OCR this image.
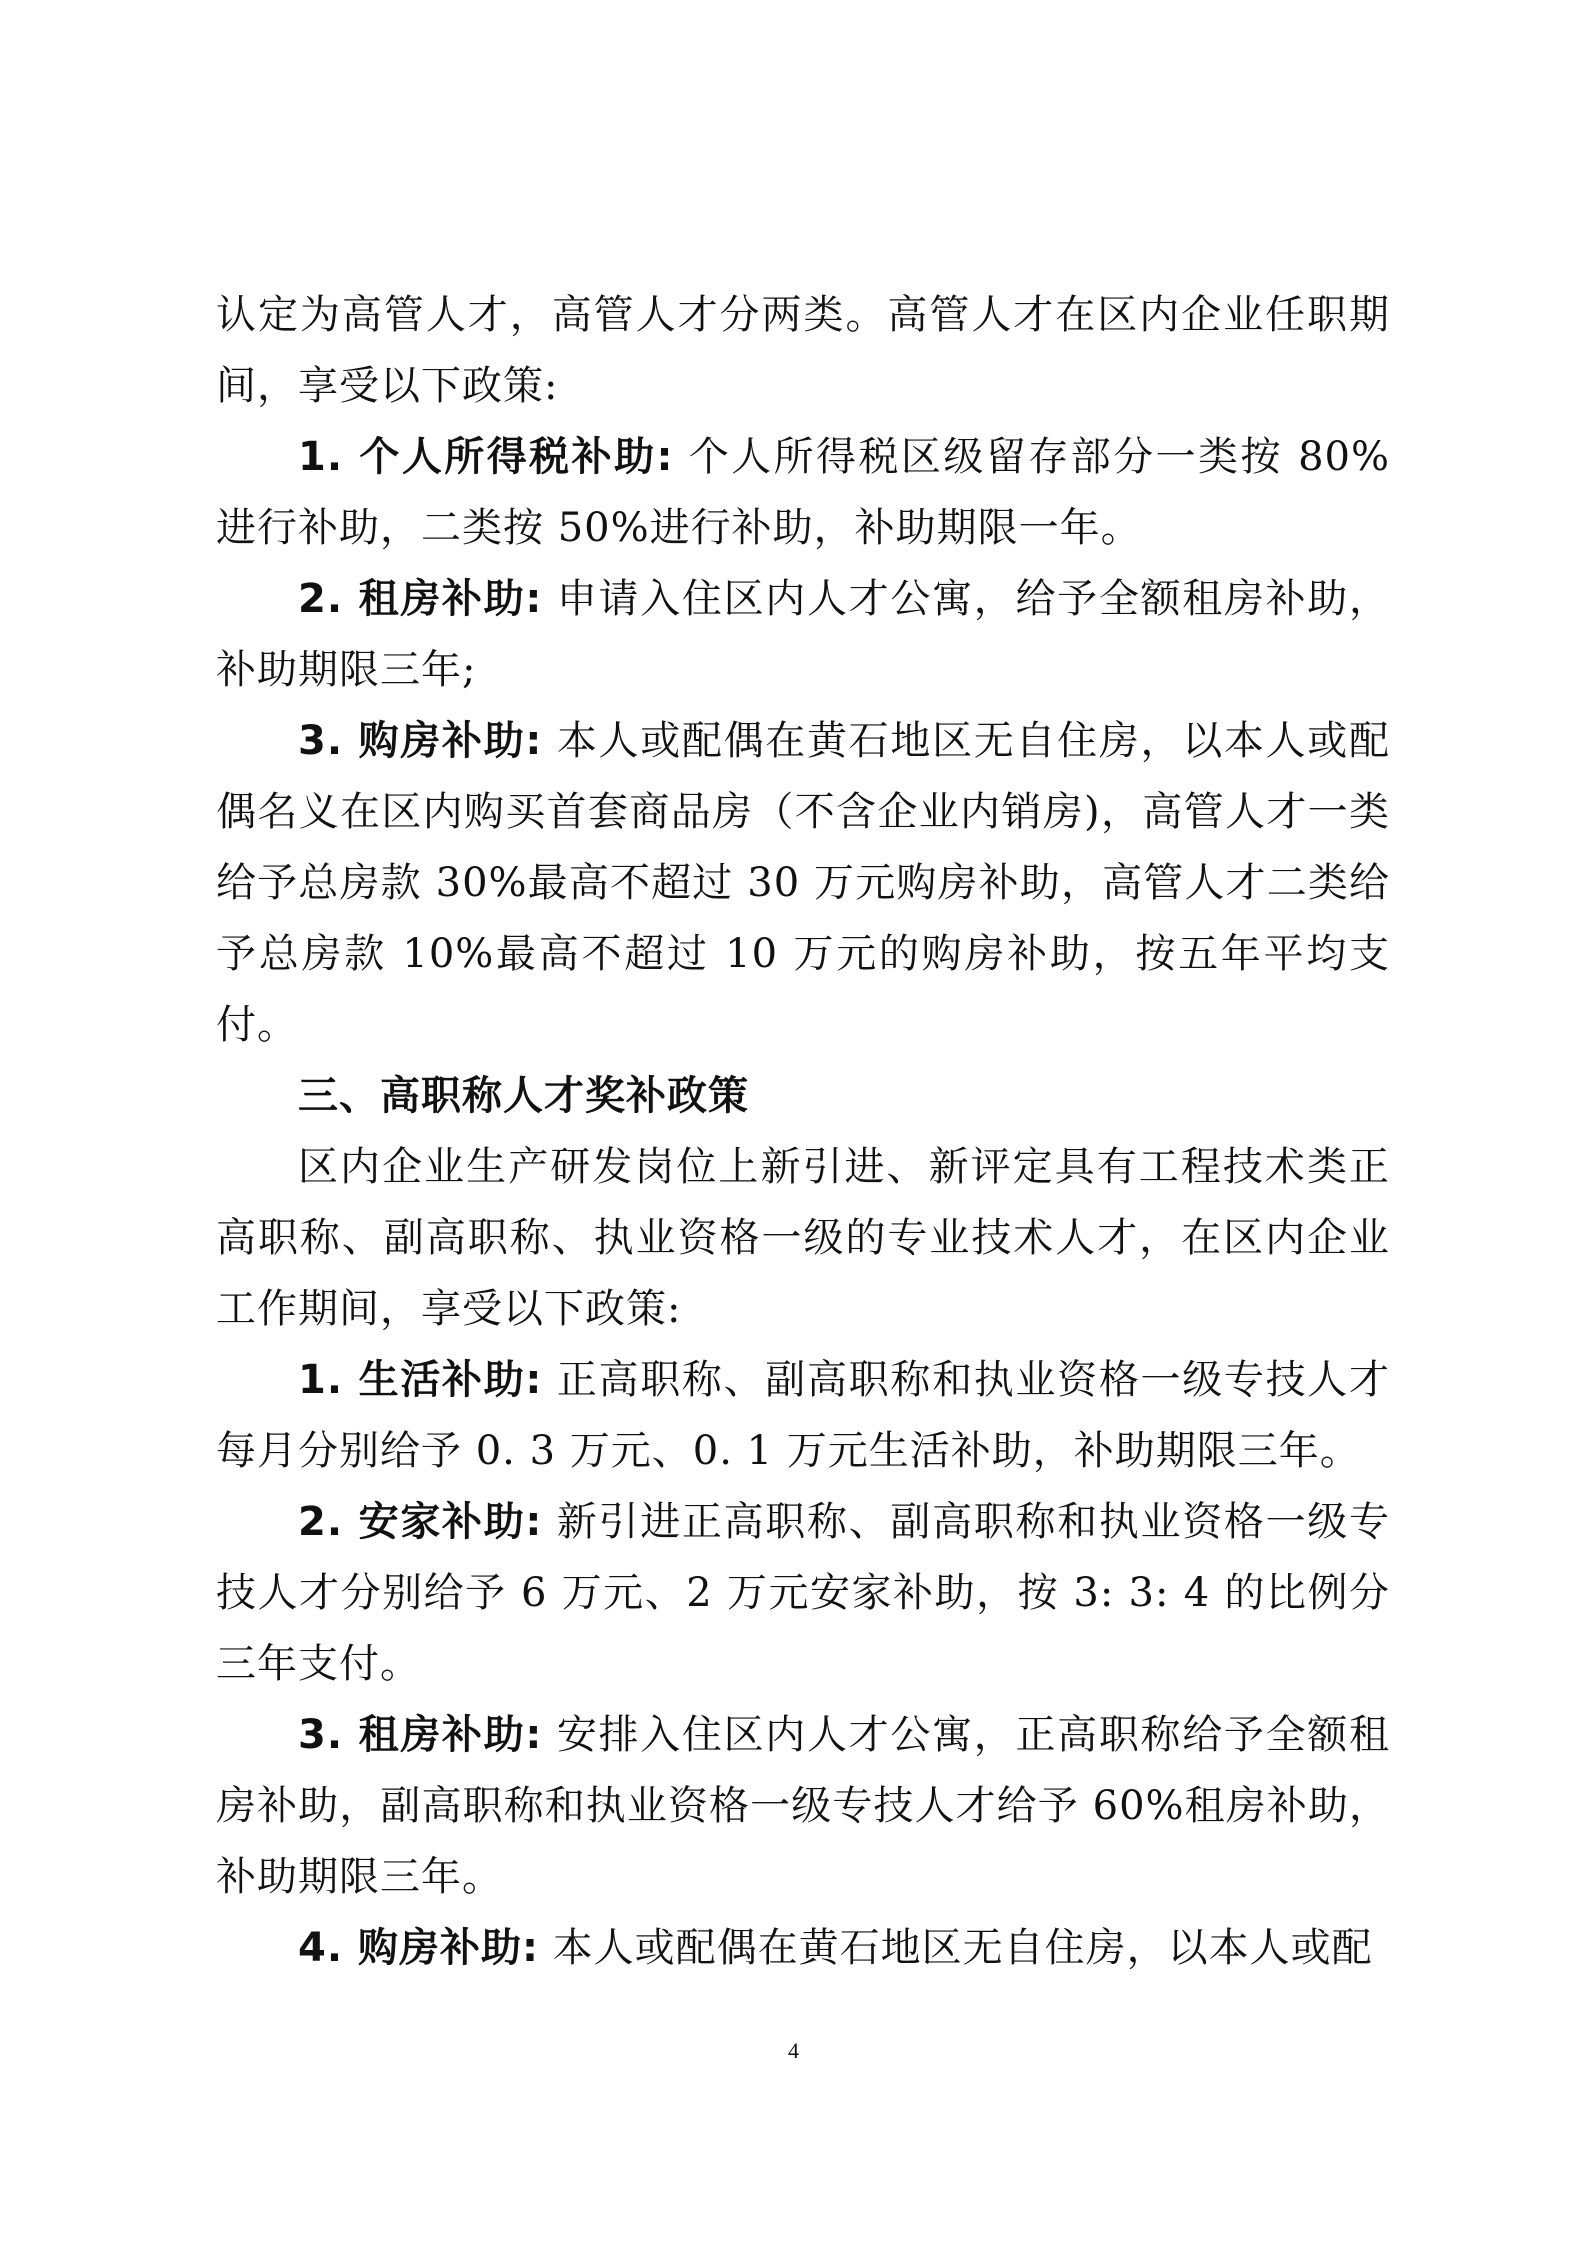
认定为高管人才，高管人才分两类。高管人才在区内企业任职期间，享受以下政策:

1. 个人所得税补助: 个人所得税区级留存部分一类按 80%进行补助，二类按 50%进行补助，补助期限一年。

2. 租房补助: 申请入住区内人才公寓，给予全额租房补助，补助期限三年;

3. 购房补助: 本人或配偶在黄石地区无自住房，以本人或配偶名义在区内购买首套商品房（不含企业内销房)，高管人才一类给予总房款 30%最高不超过 30 万元购房补助，高管人才二类给予总房款 10%最高不超过 10 万元的购房补助，按五年平均支付。

三、高职称人才奖补政策

区内企业生产研发岗位上新引进、新评定具有工程技术类正高职称、副高职称、执业资格一级的专业技术人才，在区内企业工作期间，享受以下政策:

1. 生活补助: 正高职称、副高职称和执业资格一级专技人才每月分别给予 0. 3 万元、0. 1 万元生活补助，补助期限三年。

2. 安家补助: 新引进正高职称、副高职称和执业资格一级专技人才分别给予 6 万元、2 万元安家补助，按 3: 3: 4 的比例分三年支付。

3. 租房补助: 安排入住区内人才公寓，正高职称给予全额租房补助，副高职称和执业资格一级专技人才给予 60%租房补助，补助期限三年。

4. 购房补助: 本人或配偶在黄石地区无自住房，以本人或配

4
